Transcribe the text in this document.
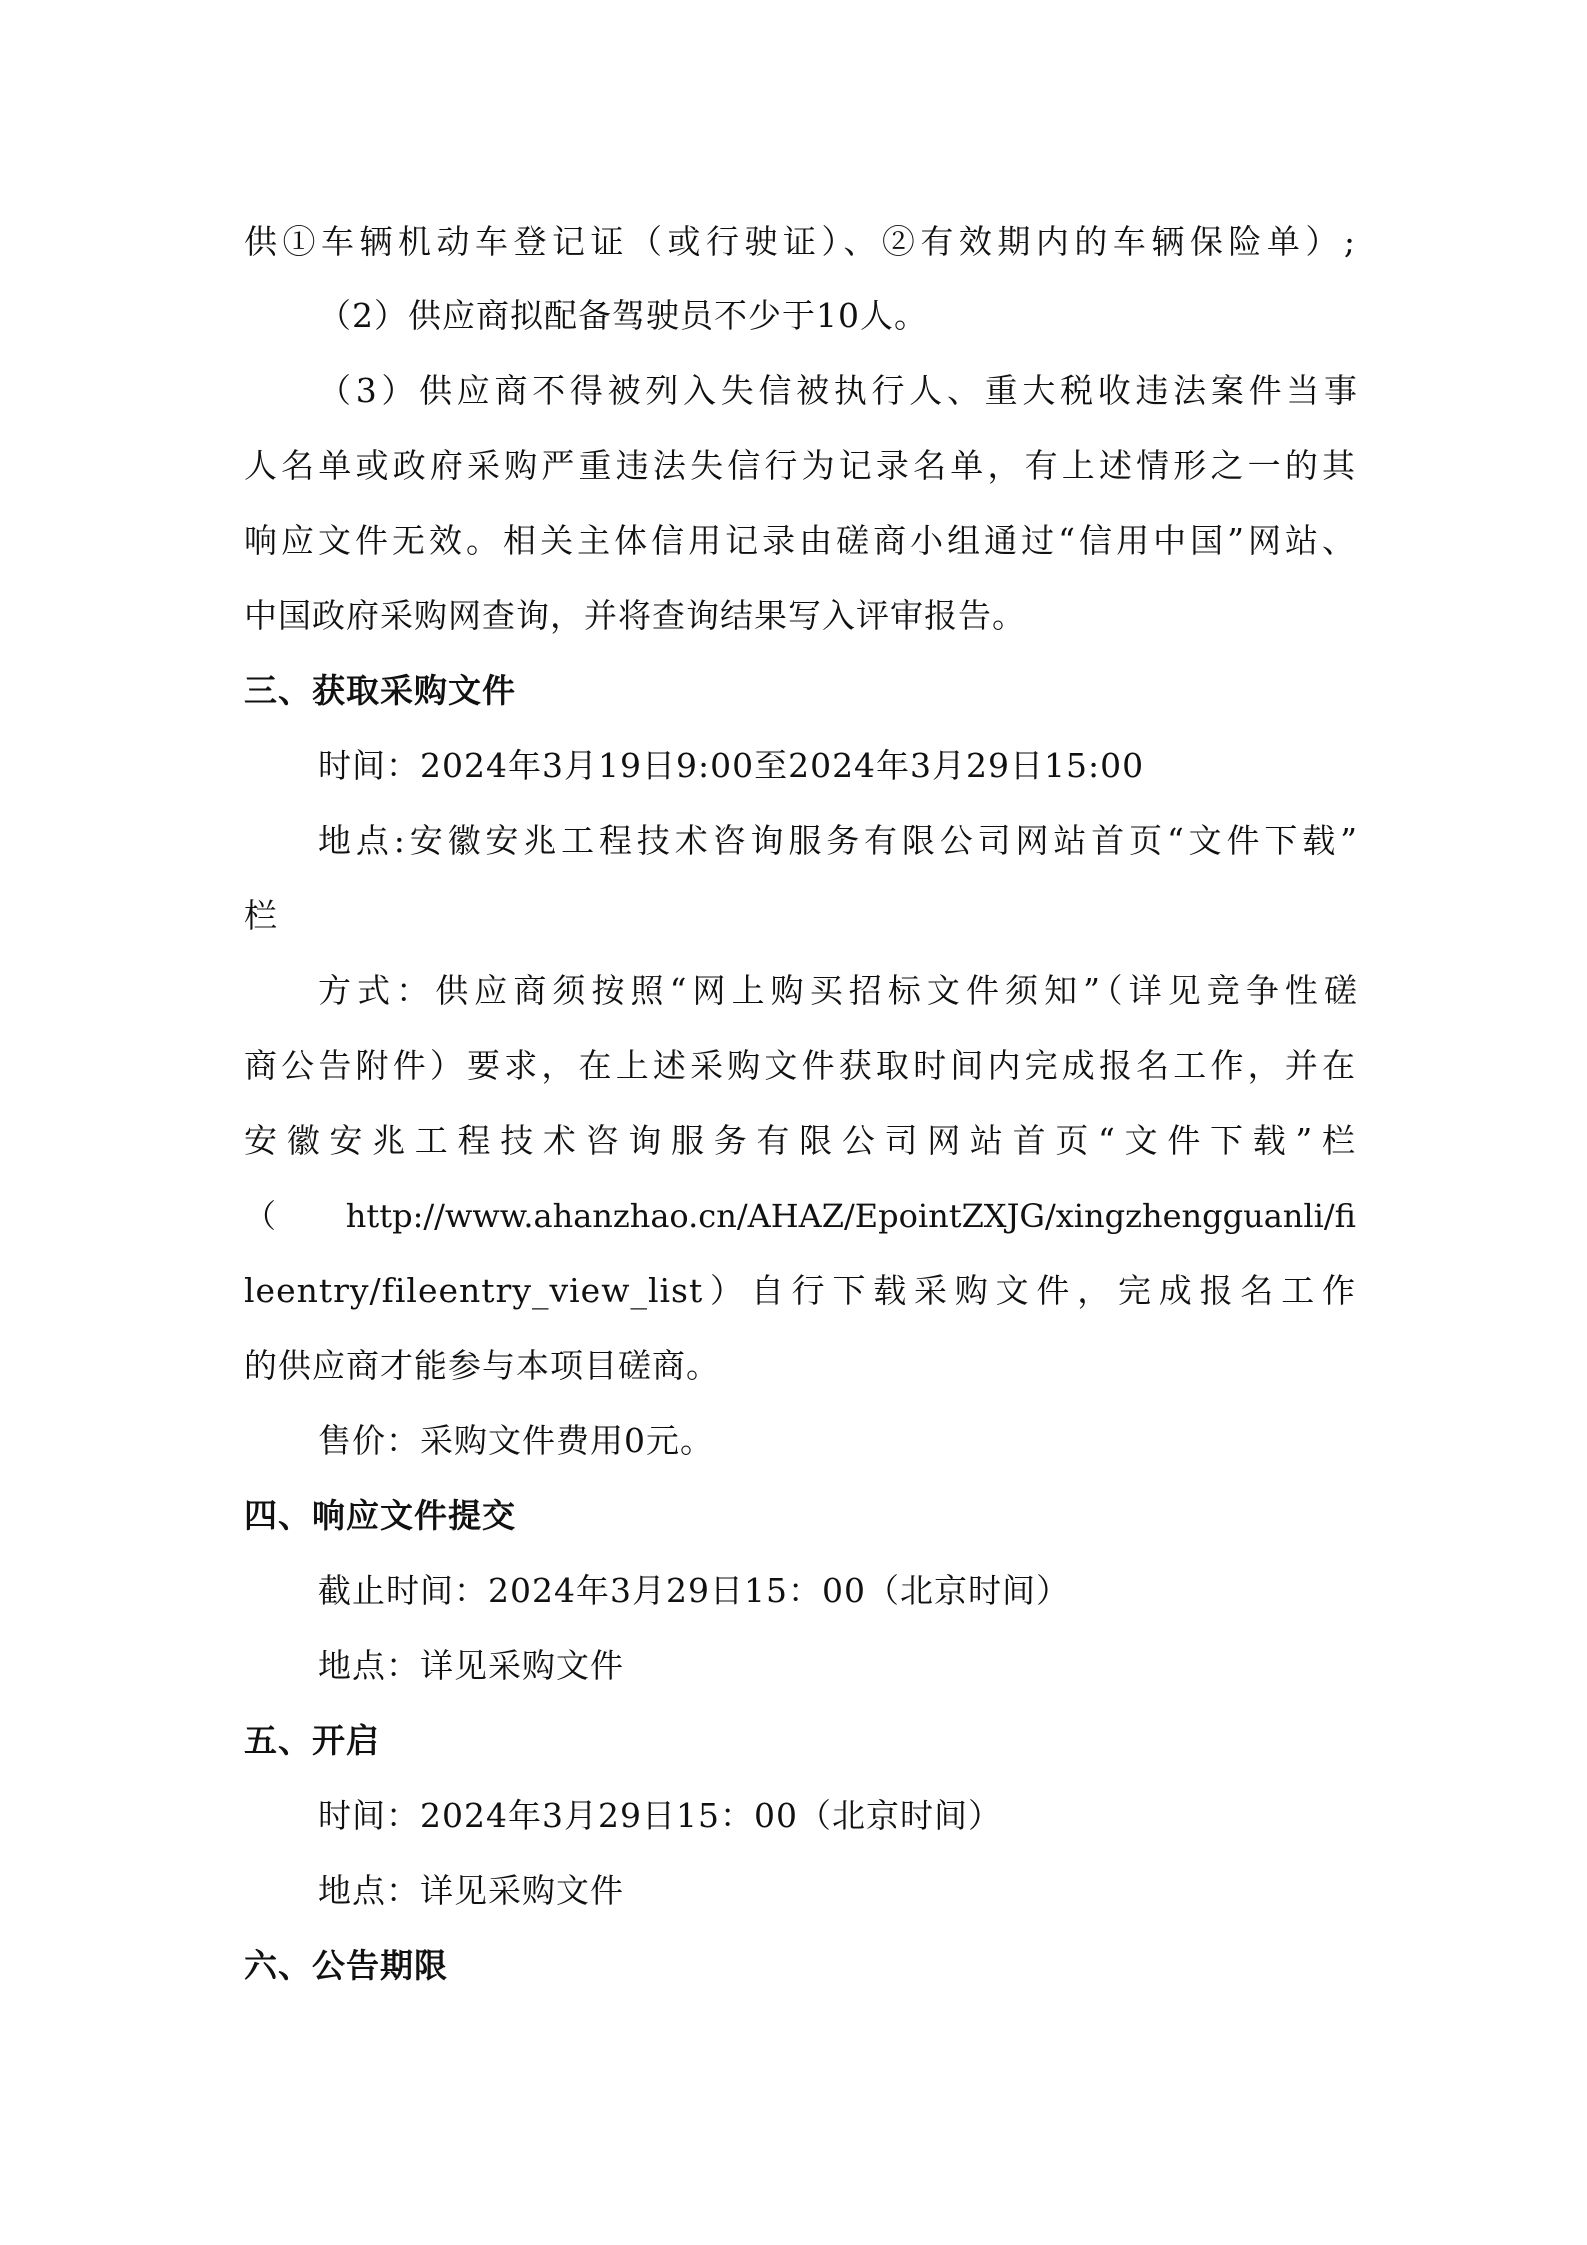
供①车辆机动车登记证（或行驶证）、②有效期内的车辆保险单）;
（2）供应商拟配备驾驶员不少于10人。
（3）供应商不得被列入失信被执行人、重大税收违法案件当事
人名单或政府采购严重违法失信行为记录名单，有上述情形之一的其
响应文件无效。相关主体信用记录由磋商小组通过“信用中国”网站、
中国政府采购网查询，并将查询结果写入评审报告。
三、获取采购文件
时间：2024年3月19日9:00至2024年3月29日15:00
地点:安徽安兆工程技术咨询服务有限公司网站首页“文件下载”
栏
方式：供应商须按照“网上购买招标文件须知”（详见竞争性磋
商公告附件）要求，在上述采购文件获取时间内完成报名工作，并在
安徽安兆工程技术咨询服务有限公司网站首页“文件下载”栏
（http://www.ahanzhao.cn/AHAZ/EpointZXJG/xingzhengguanli/fi
leentry/fileentry_view_list）自行下载采购文件，完成报名工作
的供应商才能参与本项目磋商。
售价：采购文件费用0元。
四、响应文件提交
截止时间：2024年3月29日15：00（北京时间）
地点：详见采购文件
五、开启
时间：2024年3月29日15：00（北京时间）
地点：详见采购文件
六、公告期限
